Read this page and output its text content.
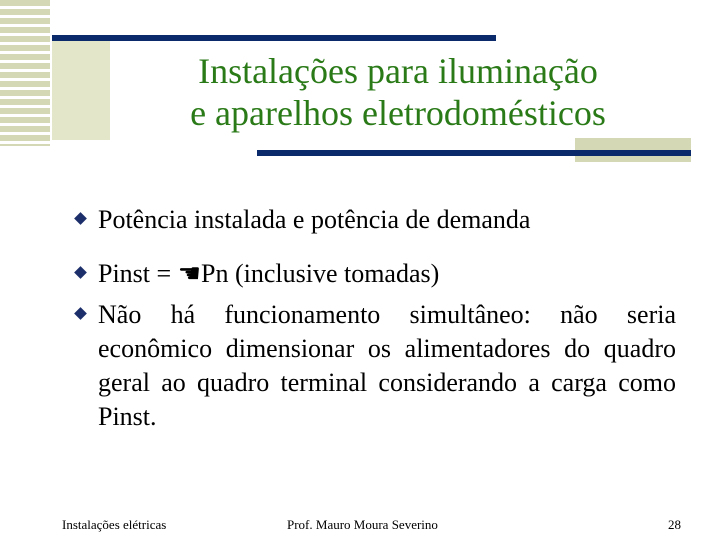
Instalações para iluminação
e aparelhos eletrodomésticos
Potência instalada e potência de demanda
Pinst = ☚Pn (inclusive tomadas)
Não há funcionamento simultâneo: não seria econômico dimensionar os alimentadores do quadro geral ao quadro terminal considerando a carga como Pinst.
Instalações elétricas	Prof. Mauro Moura Severino	28
